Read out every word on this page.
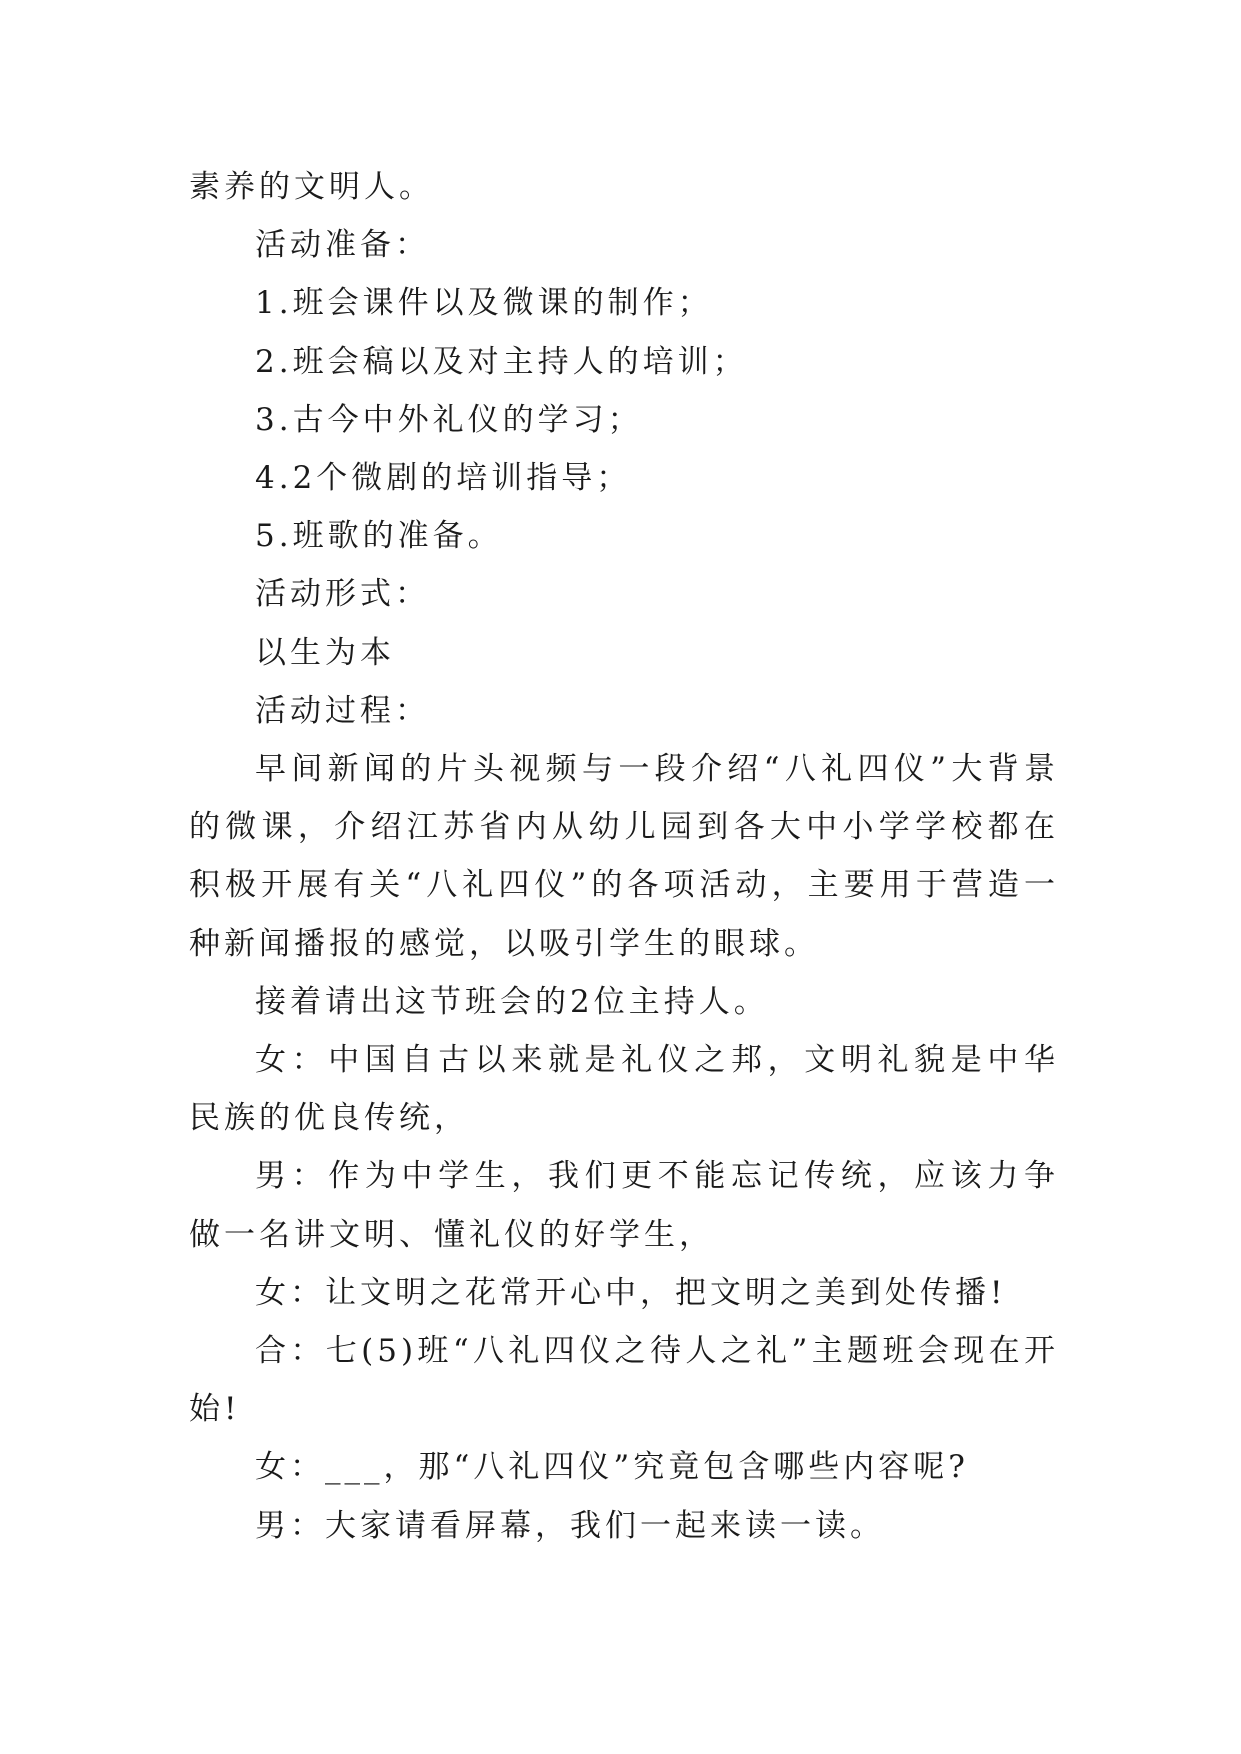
素养的文明人。

活动准备：

1.班会课件以及微课的制作；

2.班会稿以及对主持人的培训；

3.古今中外礼仪的学习；

4.2个微剧的培训指导；

5.班歌的准备。

活动形式：

以生为本

活动过程：

早间新闻的片头视频与一段介绍“八礼四仪”大背景的微课，介绍江苏省内从幼儿园到各大中小学学校都在积极开展有关“八礼四仪”的各项活动，主要用于营造一种新闻播报的感觉，以吸引学生的眼球。

接着请出这节班会的2位主持人。

女：中国自古以来就是礼仪之邦，文明礼貌是中华民族的优良传统，

男：作为中学生，我们更不能忘记传统，应该力争做一名讲文明、懂礼仪的好学生，

女：让文明之花常开心中，把文明之美到处传播!

合：七(5)班“八礼四仪之待人之礼”主题班会现在开始!

女：___，那“八礼四仪”究竟包含哪些内容呢?

男：大家请看屏幕，我们一起来读一读。
